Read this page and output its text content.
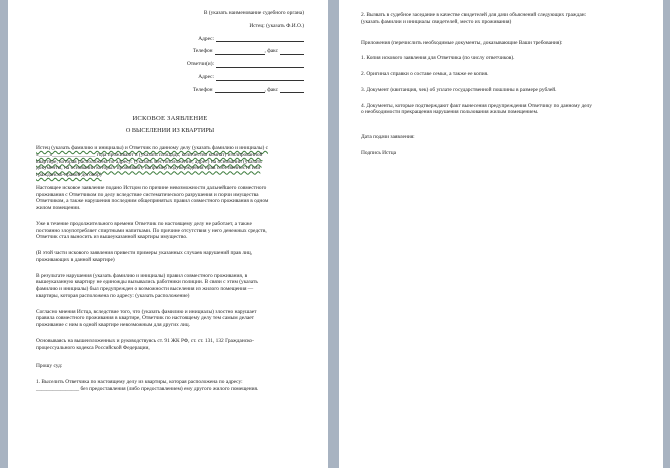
В (указать наименование судебного органа)
Истец: (указать Ф.И.О.)
Адрес:
Телефон	, факс
Ответчи(и):
Адрес:
Телефон	, факс
ИСКОВОЕ ЗАЯВЛЕНИЕ
О ВЫСЕЛЕНИИ ИЗ КВАРТИРЫ
Истец (указать фамилию и инициалы) и Ответчик по данному делу (указать фамилию и инициалы) с
«____»________________ года проживают в (указать площадь, количество комнат) изолированной
квартире, которая расположена по адресу: (указать местоположение, адрес) на основании (указать
документы, на основании которых проживают, например подтверждения прав собственности или
гражданско-правой договор)
Настоящее исковое заявление подано Истцом по причине невозможности дальнейшего совместного
проживания с Ответчиком по делу вследствие систематического разрушения и порчи имущества
Ответчиком, а также нарушения последним общепринятых правил совместного проживания в одном
жилом помещении.
Уже в течение продолжительного времени Ответчик по настоящему делу не работает, а также
постоянно злоупотребляет спиртными напитками. По причине отсутствия у него денежных средств,
Ответчик стал выносить из вышеуказанной квартиры имущество.
(В этой части искового заявления привести примеры указанных случаев нарушений прав лиц,
проживающих в данной квартире)
В результате нарушения (указать фамилию и инициалы) правил совместного проживания, в
вышеуказанную квартиру не единожды вызывались работники полиции. В связи с этим (указать
фамилию и инициалы) был предупрежден о возможности выселения из жилого помещения —
квартиры, которая расположена по адресу: (указать расположение)
Согласно мнения Истца, вследствие того, что (указать фамилию и инициалы) злостно нарушает
правила совместного проживания в квартире, Ответчик по настоящему делу тем самым делает
проживание с ним в одной квартире невозможным для других лиц.
Основываясь на вышеизложенных и руководствуясь ст. 91 ЖК РФ, ст. ст. 131, 132 Гражданско-
процессуального кодекса Российской Федерации,
Прошу суд:
1. Выселить Ответчика по настоящему делу из квартиры, которая расположена по адресу:
________________ без предоставления (либо предоставлением) ему другого жилого помещения.
2. Вызвать в судебное заседание в качестве свидетелей для дачи объяснений следующих граждан:
(указать фамилии и инициалы свидетелей, место их проживания)
Приложения (перечислить необходимые документы, доказывающие Ваши требования):
1. Копия искового заявления для Ответчика (по числу ответчиков).
2. Оригинал справки о составе семьи, а также ее копия.
3. Документ (квитанция, чек) об уплате государственной пошлины в размере рублей.
4. Документы, которые подтверждают факт вынесения предупреждения Ответчику по данному делу
о необходимости прекращения нарушения пользования жилым помещением.
Дата подачи заявления:
Подпись Истца
